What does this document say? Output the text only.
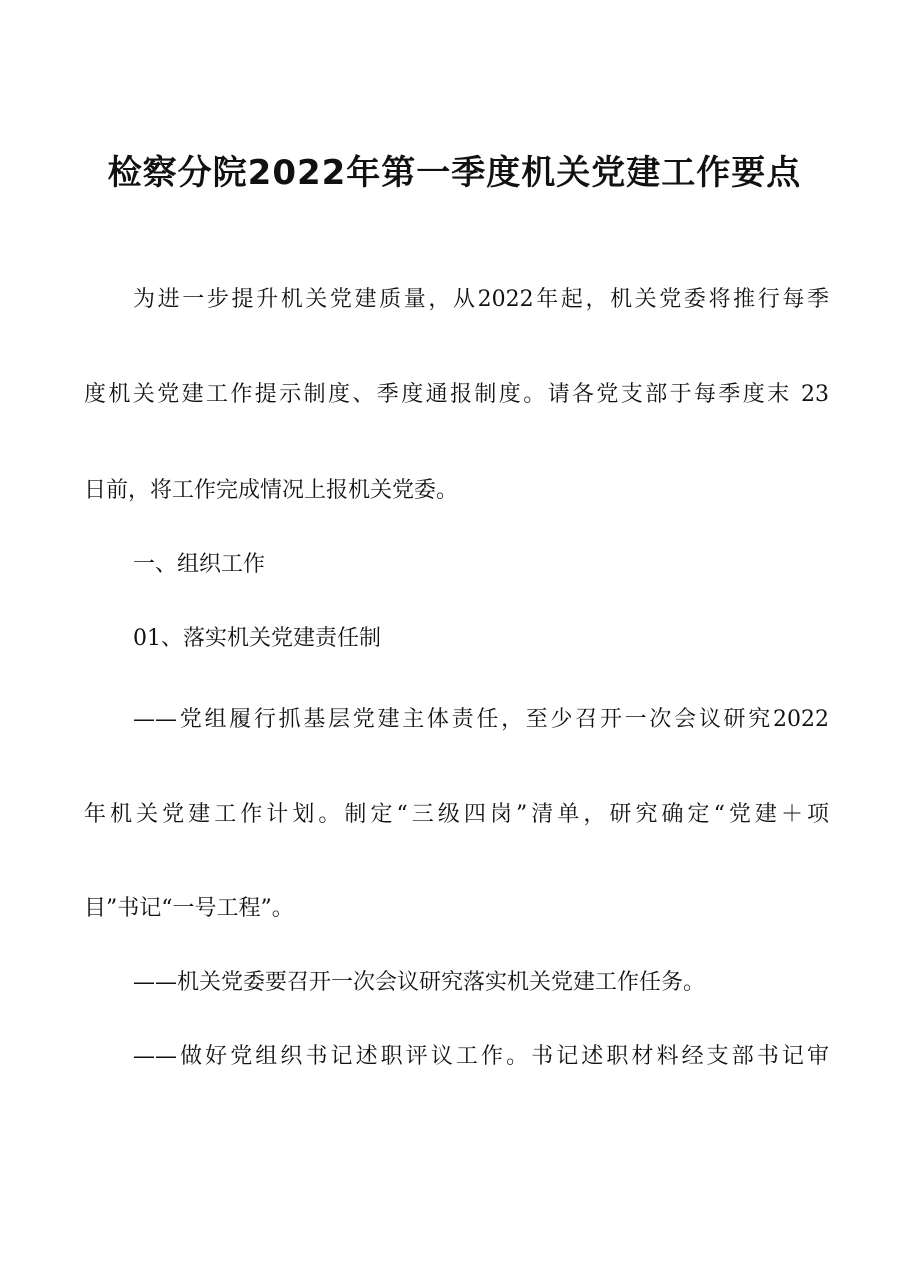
检察分院2022年第一季度机关党建工作要点
为进一步提升机关党建质量，从2022年起，机关党委将推行每季
度机关党建工作提示制度、季度通报制度。请各党支部于每季度末 23
日前，将工作完成情况上报机关党委。
一、组织工作
01、落实机关党建责任制
——党组履行抓基层党建主体责任，至少召开一次会议研究2022
年机关党建工作计划。制定“三级四岗”清单，研究确定“党建＋项
目”书记“一号工程”。
——机关党委要召开一次会议研究落实机关党建工作任务。
——做好党组织书记述职评议工作。书记述职材料经支部书记审
